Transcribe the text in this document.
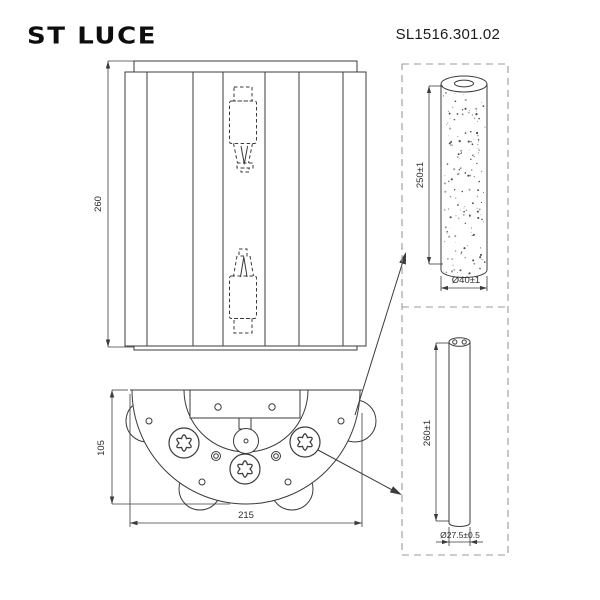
ST LUCE	SL1516.301.02
260
105
215
250±1
Ø40±1
260±1
Ø27.5±0.5
